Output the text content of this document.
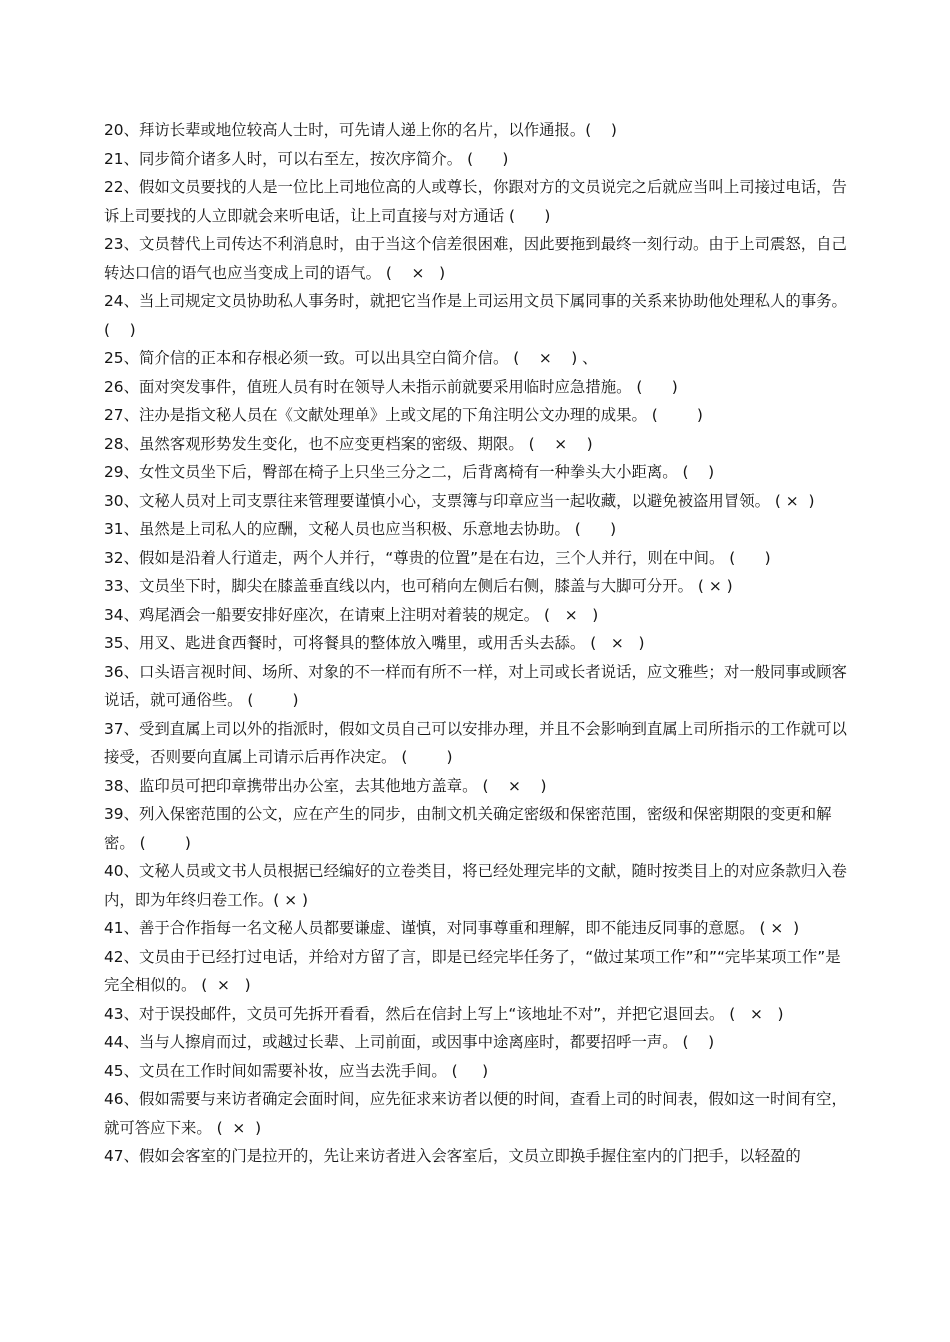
20、拜访长辈或地位较高人士时，可先请人递上你的名片，以作通报。(    )

21、同步简介诸多人时，可以右至左，按次序简介。 (      )

22、假如文员要找的人是一位比上司地位高的人或尊长，你跟对方的文员说完之后就应当叫上司接过电话，告诉上司要找的人立即就会来听电话，让上司直接与对方通话 (      )

23、文员替代上司传达不利消息时，由于当这个信差很困难，因此要拖到最终一刻行动。由于上司震怒，自己转达口信的语气也应当变成上司的语气。 (    ×   )

24、当上司规定文员协助私人事务时，就把它当作是上司运用文员下属同事的关系来协助他处理私人的事务。 (    )

25、简介信的正本和存根必须一致。可以出具空白简介信。 (    ×    ) 、

26、面对突发事件，值班人员有时在领导人未指示前就要采用临时应急措施。 (      )

27、注办是指文秘人员在《文献处理单》上或文尾的下角注明公文办理的成果。 (        )

28、虽然客观形势发生变化，也不应变更档案的密级、期限。 (    ×    )

29、女性文员坐下后，臀部在椅子上只坐三分之二，后背离椅有一种拳头大小距离。 (    )

30、文秘人员对上司支票往来管理要谨慎小心，支票簿与印章应当一起收藏，以避免被盗用冒领。 ( ×  )

31、虽然是上司私人的应酬，文秘人员也应当积极、乐意地去协助。 (      )

32、假如是沿着人行道走，两个人并行，“尊贵的位置”是在右边，三个人并行，则在中间。 (      )

33、文员坐下时，脚尖在膝盖垂直线以内，也可稍向左侧后右侧，膝盖与大脚可分开。 ( × )

34、鸡尾酒会一船要安排好座次，在请柬上注明对着装的规定。 (   ×   )

35、用叉、匙进食西餐时，可将餐具的整体放入嘴里，或用舌头去舔。 (   ×   )

36、口头语言视时间、场所、对象的不一样而有所不一样，对上司或长者说话，应文雅些；对一般同事或顾客说话，就可通俗些。 (        )

37、受到直属上司以外的指派时，假如文员自己可以安排办理，并且不会影响到直属上司所指示的工作就可以接受，否则要向直属上司请示后再作决定。 (        )

38、监印员可把印章携带出办公室，去其他地方盖章。 (    ×    )

39、列入保密范围的公文，应在产生的同步，由制文机关确定密级和保密范围，密级和保密期限的变更和解密。 (        )

40、文秘人员或文书人员根据已经编好的立卷类目，将已经处理完毕的文献，随时按类目上的对应条款归入卷内，即为年终归卷工作。( × )

41、善于合作指每一名文秘人员都要谦虚、谨慎，对同事尊重和理解，即不能违反同事的意愿。 ( ×  )

42、文员由于已经打过电话，并给对方留了言，即是已经完毕任务了，“做过某项工作”和”“完毕某项工作”是完全相似的。 (  ×   )

43、对于误投邮件，文员可先拆开看看，然后在信封上写上“该地址不对”，并把它退回去。 (   ×   )

44、当与人擦肩而过，或越过长辈、上司前面，或因事中途离座时，都要招呼一声。 (    )

45、文员在工作时间如需要补妆，应当去洗手间。 (     )

46、假如需要与来访者确定会面时间，应先征求来访者以便的时间，查看上司的时间表，假如这一时间有空，就可答应下来。 (  ×  )

47、假如会客室的门是拉开的，先让来访者进入会客室后，文员立即换手握住室内的门把手，以轻盈的
